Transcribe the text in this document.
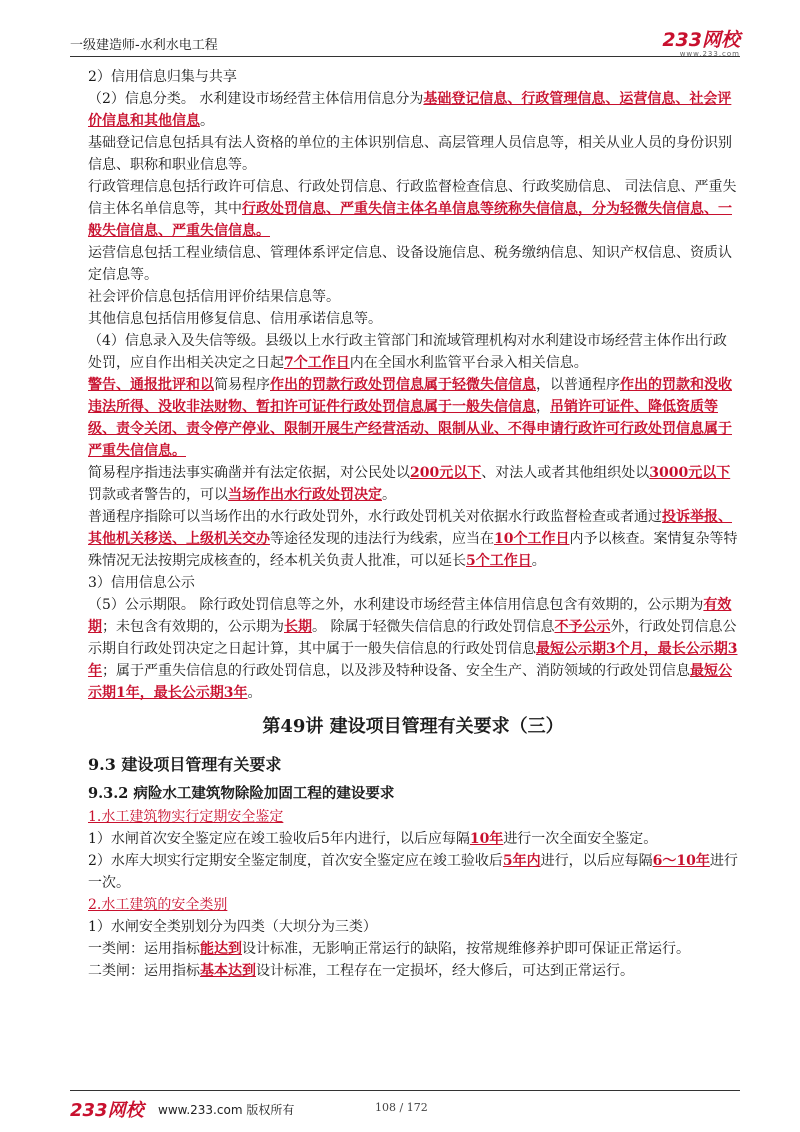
一级建造师-水利水电工程	233网校
www.233.com

2）信用信息归集与共享

（2）信息分类。 水利建设市场经营主体信用信息分为基础登记信息、行政管理信息、运营信息、社会评价信息和其他信息。

基础登记信息包括具有法人资格的单位的主体识别信息、高层管理人员信息等，相关从业人员的身份识别信息、职称和职业信息等。

行政管理信息包括行政许可信息、行政处罚信息、行政监督检查信息、行政奖励信息、 司法信息、严重失信主体名单信息等，其中行政处罚信息、严重失信主体名单信息等统称失信信息，分为轻微失信信息、一般失信信息、严重失信信息。

运营信息包括工程业绩信息、管理体系评定信息、设备设施信息、税务缴纳信息、知识产权信息、资质认定信息等。

社会评价信息包括信用评价结果信息等。

其他信息包括信用修复信息、信用承诺信息等。

（4）信息录入及失信等级。县级以上水行政主管部门和流域管理机构对水利建设市场经营主体作出行政处罚，应自作出相关决定之日起7个工作日内在全国水利监管平台录入相关信息。

警告、通报批评和以简易程序作出的罚款行政处罚信息属于轻微失信信息，以普通程序作出的罚款和没收违法所得、没收非法财物、暂扣许可证件行政处罚信息属于一般失信信息，吊销许可证件、降低资质等级、责令关闭、责令停产停业、限制开展生产经营活动、限制从业、不得申请行政许可行政处罚信息属于严重失信信息。

简易程序指违法事实确凿并有法定依据，对公民处以200元以下、对法人或者其他组织处以3000元以下罚款或者警告的，可以当场作出水行政处罚决定。

普通程序指除可以当场作出的水行政处罚外，水行政处罚机关对依据水行政监督检查或者通过投诉举报、 其他机关移送、上级机关交办等途径发现的违法行为线索，应当在10个工作日内予以核查。案情复杂等特殊情况无法按期完成核查的，经本机关负责人批准，可以延长5个工作日。

3）信用信息公示

（5）公示期限。 除行政处罚信息等之外，水利建设市场经营主体信用信息包含有效期的，公示期为有效期；未包含有效期的，公示期为长期。 除属于轻微失信信息的行政处罚信息不予公示外，行政处罚信息公示期自行政处罚决定之日起计算，其中属于一般失信信息的行政处罚信息最短公示期3个月，最长公示期3年；属于严重失信信息的行政处罚信息，以及涉及特种设备、安全生产、消防领域的行政处罚信息最短公示期1年，最长公示期3年。

第49讲 建设项目管理有关要求（三）
9.3 建设项目管理有关要求
9.3.2 病险水工建筑物除险加固工程的建设要求
1.水工建筑物实行定期安全鉴定

1）水闸首次安全鉴定应在竣工验收后5年内进行，以后应每隔10年进行一次全面安全鉴定。

2）水库大坝实行定期安全鉴定制度，首次安全鉴定应在竣工验收后5年内进行，以后应每隔6～10年进行一次。

2.水工建筑的安全类别

1）水闸安全类别划分为四类（大坝分为三类）

一类闸：运用指标能达到设计标准，无影响正常运行的缺陷，按常规维修养护即可保证正常运行。

二类闸：运用指标基本达到设计标准，工程存在一定损坏，经大修后，可达到正常运行。

233网校 www.233.com 版权所有	108 / 172
